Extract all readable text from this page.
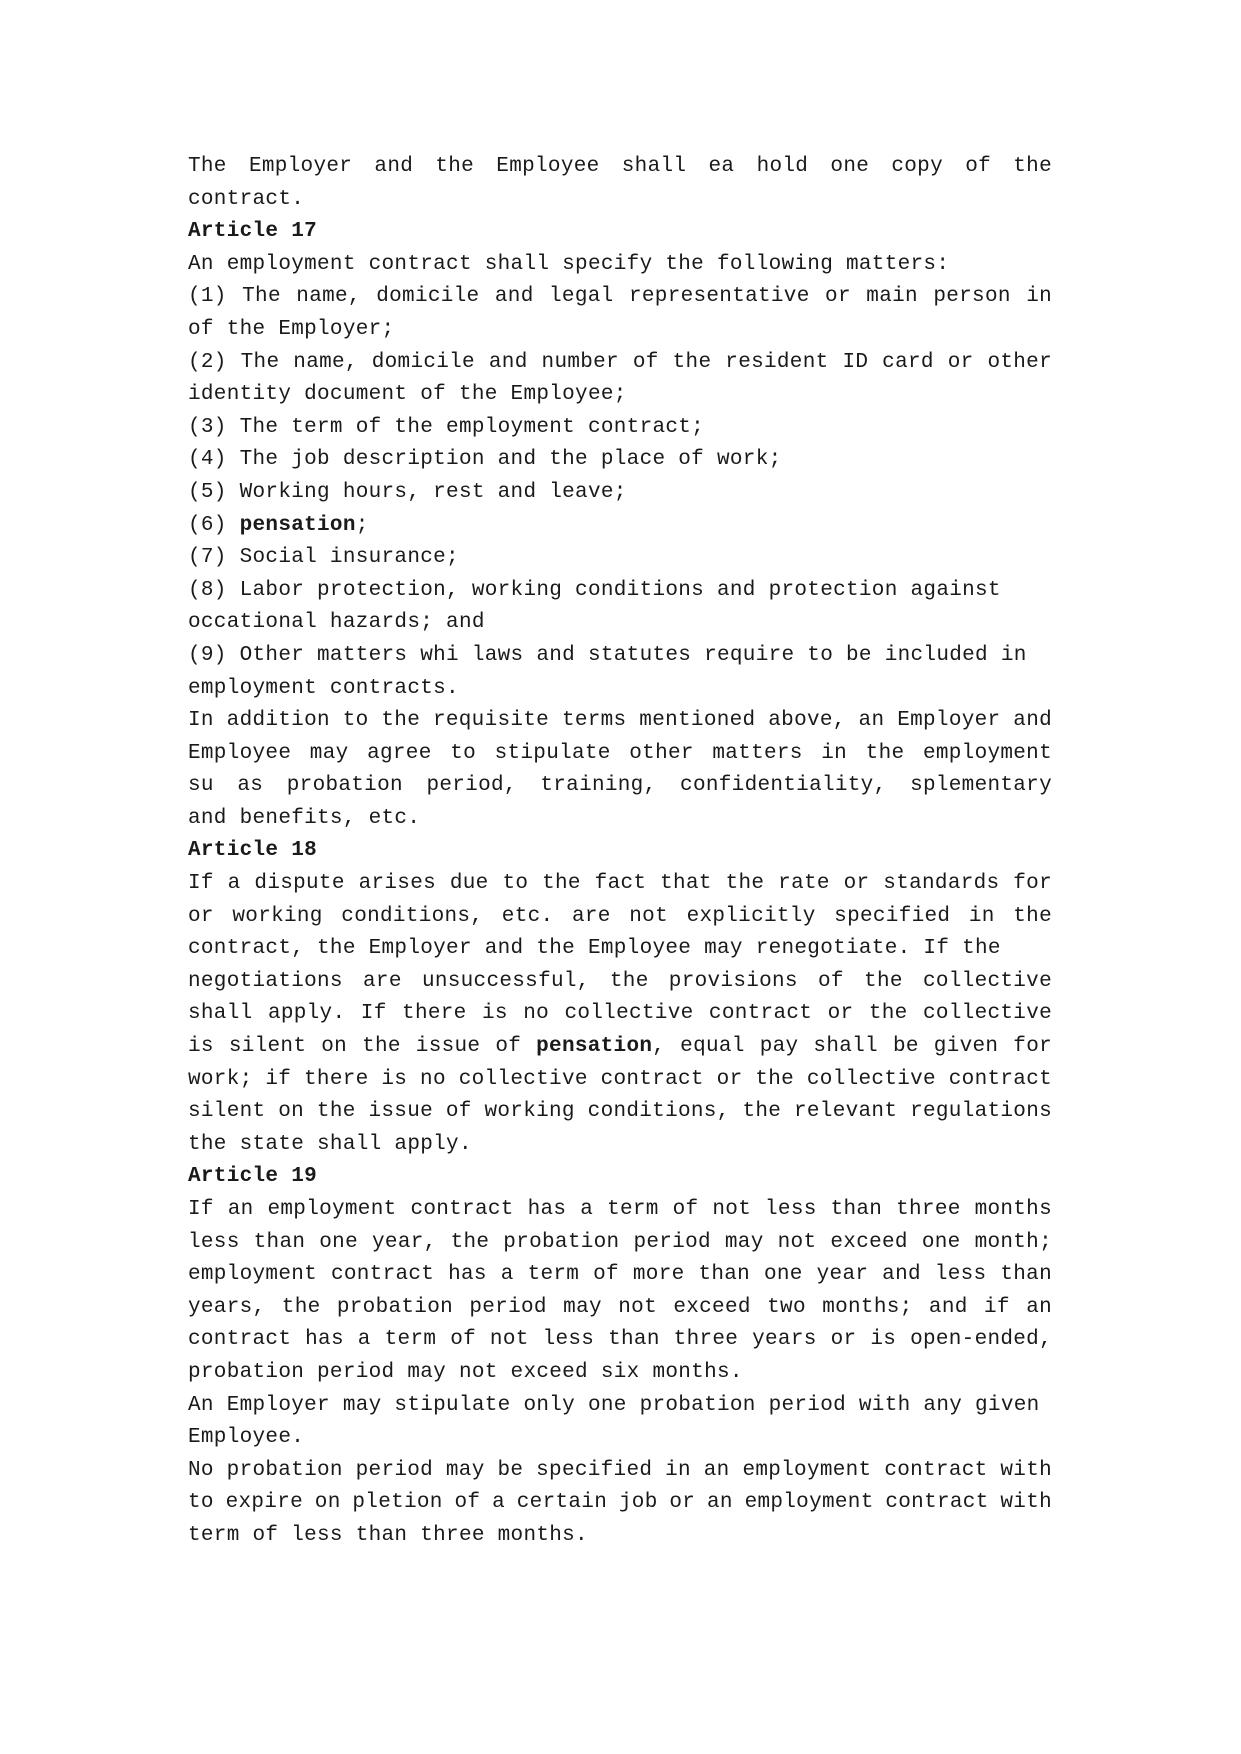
The Employer and the Employee shall ea hold one copy of the
contract.
Article 17
An employment contract shall specify the following matters:
(1) The name, domicile and legal representative or main person in
of the Employer;
(2) The name, domicile and number of the resident ID card or other
identity document of the Employee;
(3) The term of the employment contract;
(4) The job description and the place of work;
(5) Working hours, rest and leave;
(6) pensation;
(7) Social insurance;
(8) Labor protection, working conditions and protection against
occational hazards; and
(9) Other matters whi laws and statutes require to be included in
employment contracts.
In addition to the requisite terms mentioned above, an Employer and
Employee may agree to stipulate other matters in the employment
su as probation period, training, confidentiality, splementary
and benefits, etc.
Article 18
If a dispute arises due to the fact that the rate or standards for
or working conditions, etc. are not explicitly specified in the
contract, the Employer and the Employee may renegotiate. If the
negotiations are unsuccessful, the provisions of the collective
shall apply. If there is no collective contract or the collective
is silent on the issue of pensation, equal pay shall be given for
work; if there is no collective contract or the collective contract
silent on the issue of working conditions, the relevant regulations
the state shall apply.
Article 19
If an employment contract has a term of not less than three months
less than one year, the probation period may not exceed one month;
employment contract has a term of more than one year and less than
years, the probation period may not exceed two months; and if an
contract has a term of not less than three years or is open-ended,
probation period may not exceed six months.
An Employer may stipulate only one probation period with any given
Employee.
No probation period may be specified in an employment contract with
to expire on pletion of a certain job or an employment contract with
term of less than three months.
